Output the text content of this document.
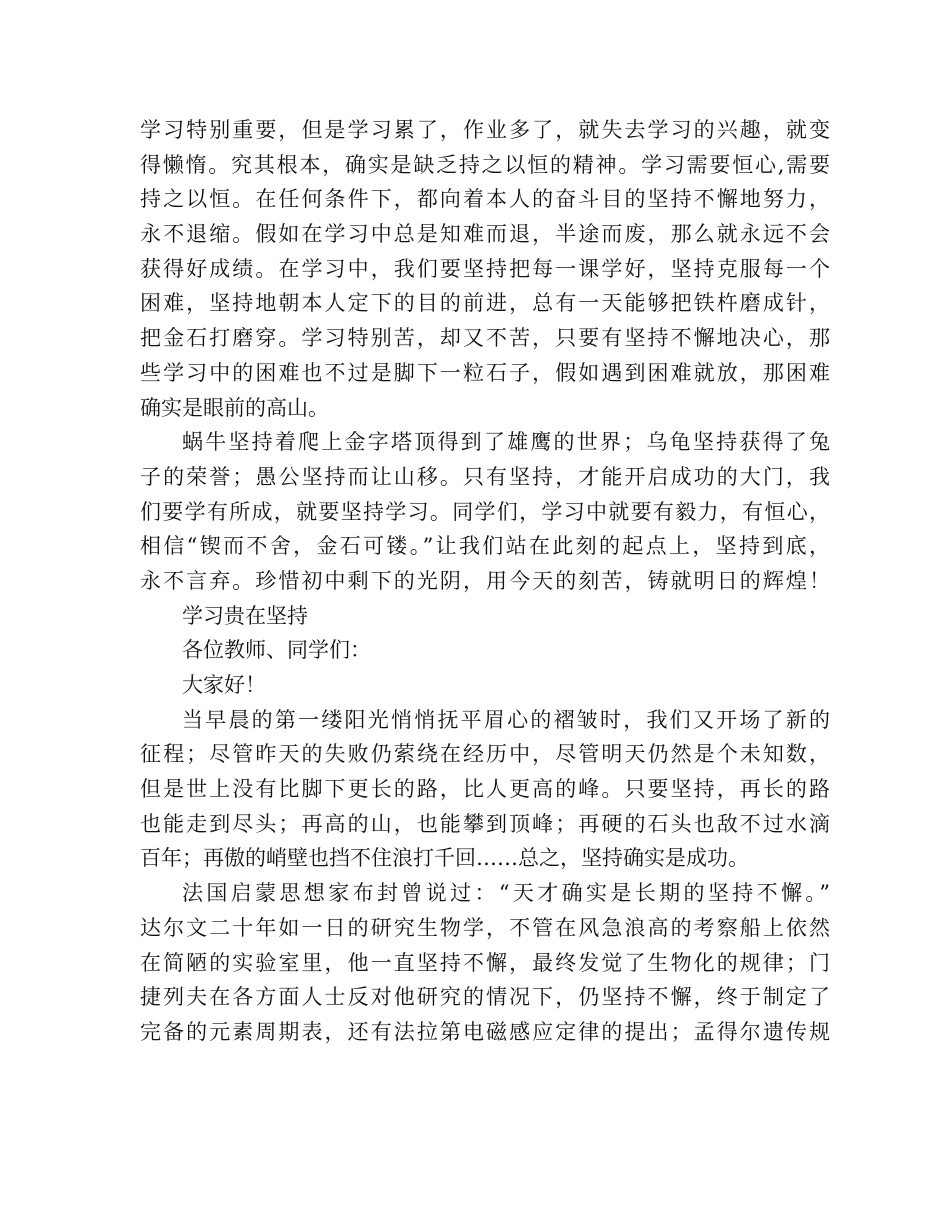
学习特别重要，但是学习累了，作业多了，就失去学习的兴趣，就变
得懒惰。究其根本，确实是缺乏持之以恒的精神。学习需要恒心,需要
持之以恒。在任何条件下，都向着本人的奋斗目的坚持不懈地努力，
永不退缩。假如在学习中总是知难而退，半途而废，那么就永远不会
获得好成绩。在学习中，我们要坚持把每一课学好，坚持克服每一个
困难，坚持地朝本人定下的目的前进，总有一天能够把铁杵磨成针，
把金石打磨穿。学习特别苦，却又不苦，只要有坚持不懈地决心，那
些学习中的困难也不过是脚下一粒石子，假如遇到困难就放，那困难
确实是眼前的高山。
蜗牛坚持着爬上金字塔顶得到了雄鹰的世界；乌龟坚持获得了兔
子的荣誉；愚公坚持而让山移。只有坚持，才能开启成功的大门，我
们要学有所成，就要坚持学习。同学们，学习中就要有毅力，有恒心，
相信“锲而不舍，金石可镂。”让我们站在此刻的起点上，坚持到底，
永不言弃。珍惜初中剩下的光阴，用今天的刻苦，铸就明日的辉煌！
学习贵在坚持
各位教师、同学们：
大家好！
当早晨的第一缕阳光悄悄抚平眉心的褶皱时，我们又开场了新的
征程；尽管昨天的失败仍萦绕在经历中，尽管明天仍然是个未知数，
但是世上没有比脚下更长的路，比人更高的峰。只要坚持，再长的路
也能走到尽头；再高的山，也能攀到顶峰；再硬的石头也敌不过水滴
百年；再傲的峭壁也挡不住浪打千回……总之，坚持确实是成功。
法国启蒙思想家布封曾说过：“天才确实是长期的坚持不懈。”
达尔文二十年如一日的研究生物学，不管在风急浪高的考察船上依然
在简陋的实验室里，他一直坚持不懈，最终发觉了生物化的规律；门
捷列夫在各方面人士反对他研究的情况下，仍坚持不懈，终于制定了
完备的元素周期表，还有法拉第电磁感应定律的提出；孟得尔遗传规
